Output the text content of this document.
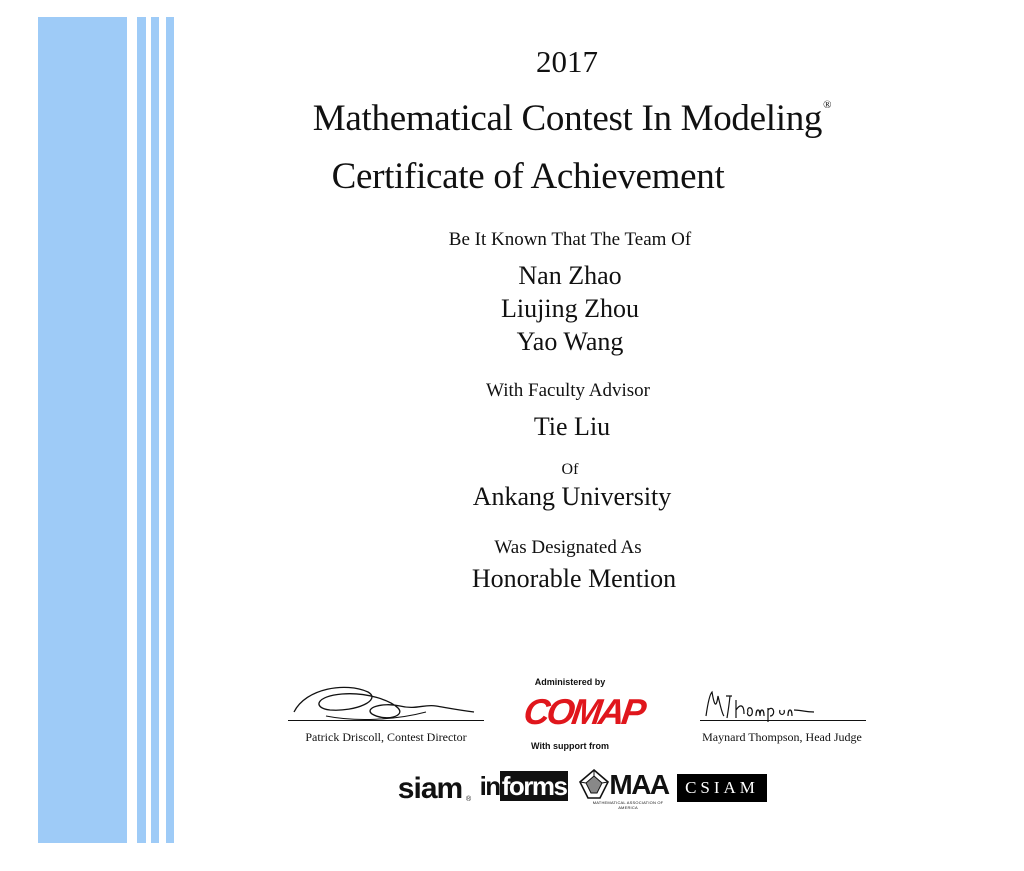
2017
Mathematical Contest In Modeling®
Certificate of Achievement
Be It Known That The Team Of
Nan Zhao
Liujing Zhou
Yao Wang
With Faculty Advisor
Tie Liu
Of
Ankang University
Was Designated As
Honorable Mention
Patrick Driscoll, Contest Director
Administered by
COMAP
With support from
Maynard Thompson, Head Judge
siam ® in forms MAA
MATHEMATICAL ASSOCIATION OF AMERICA
CSIAM
